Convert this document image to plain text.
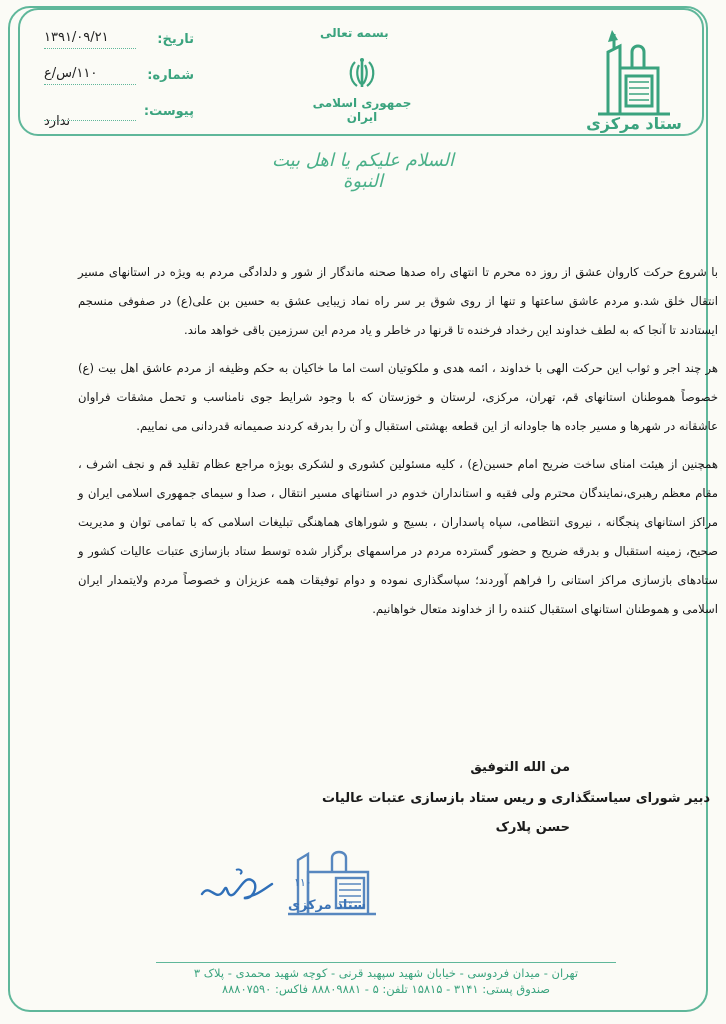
تاریخ:
۱۳۹۱/۰۹/۲۱
شماره:
۱۱۰/س/ع
پیوست:
ندارد
بسمه تعالی
جمهوری اسلامی ایران	ستاد مرکزی
السلام علیکم یا اهل بیت النبوة

با شروع حرکت کاروان عشق از روز ده محرم تا انتهای راه صدها صحنه ماندگار از شور و دلدادگی مردم به ویژه در استانهای مسیر انتقال خلق شد.و مردم عاشق ساعتها و تنها از روی شوق بر سر راه نماد زیبایی عشق به حسین بن علی(ع) در صفوفی منسجم ایستادند تا آنجا که به لطف خداوند این رخداد فرخنده تا قرنها در خاطر و یاد مردم این سرزمین باقی خواهد ماند.

هر چند اجر و ثواب این حرکت الهی با خداوند ، ائمه هدی و ملکوتیان است اما ما خاکیان به حکم وظیفه از مردم عاشق اهل بیت (ع) خصوصاً هموطنان استانهای قم، تهران، مرکزی، لرستان و خوزستان که با وجود شرایط جوی نامناسب و تحمل مشقات فراوان عاشقانه در شهرها و مسیر جاده ها جاودانه از این قطعه بهشتی استقبال و آن را بدرقه کردند صمیمانه قدردانی می نماییم.

همچنین از هیئت امنای ساخت ضریح امام حسین(ع) ، کلیه مسئولین کشوری و لشکری بویژه مراجع عظام تقلید قم و نجف اشرف ، مقام معظم رهبری،نمایندگان محترم ولی فقیه و استانداران خدوم در استانهای مسیر انتقال ، صدا و سیمای جمهوری اسلامی ایران و مراکز استانهای پنجگانه ، نیروی انتظامی، سپاه پاسداران ، بسیج و شوراهای هماهنگی تبلیغات اسلامی که با تمامی توان و مدیریت صحیح، زمینه استقبال و بدرقه ضریح و حضور گسترده مردم در مراسمهای برگزار شده توسط ستاد بازسازی عتبات عالیات کشور و ستادهای بازسازی مراکز استانی را فراهم آوردند؛ سپاسگذاری نموده و دوام توفیقات همه عزیزان و خصوصاً مردم ولایتمدار ایران اسلامی و هموطنان استانهای استقبال کننده را از خداوند متعال خواهانیم.

من الله التوفیق
دبیر شورای سیاستگذاری و ریس ستاد بازسازی عتبات عالیات
حسن پلارک
۱۱۰
ستاد مرکزی
تهران - میدان فردوسی - خیابان شهید سپهبد قرنی - کوچه شهید محمدی - پلاک ۳
صندوق پستی: ۳۱۴۱ - ۱۵۸۱۵ تلفن: ۵ - ۸۸۸۰۹۸۸۱ فاکس: ۸۸۸۰۷۵۹۰
